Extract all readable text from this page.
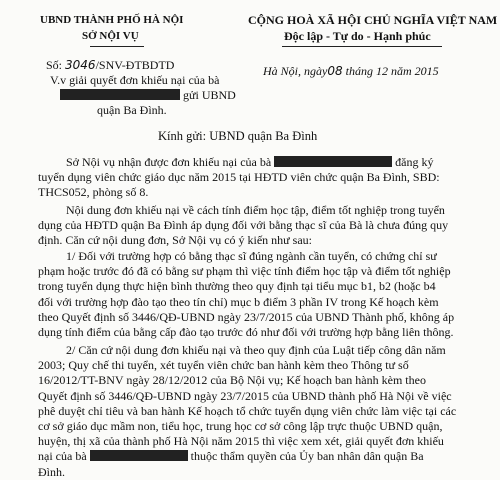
UBND THÀNH PHỐ HÀ NỘI
SỞ NỘI VỤ
CỘNG HOÀ XÃ HỘI CHỦ NGHĨA VIỆT NAM
Độc lập - Tự do - Hạnh phúc
Số: 3046/SNV-ĐTBDTD
V.v giải quyết đơn khiếu nại của bà
gửi UBND
quận Ba Đình.
Hà Nội, ngày08 tháng 12 năm 2015
Kính gửi: UBND quận Ba Đình
Sở Nội vụ nhận được đơn khiếu nại của bà	đăng ký
tuyển dụng viên chức giáo dục năm 2015 tại HĐTD viên chức quận Ba Đình, SBD:
THCS052, phòng số 8.
Nội dung đơn khiếu nại về cách tính điểm học tập, điểm tốt nghiệp trong tuyển
dụng của HĐTD quận Ba Đình áp dụng đối với bằng thạc sĩ của Bà là chưa đúng quy
định. Căn cứ nội dung đơn, Sở Nội vụ có ý kiến như sau:
1/ Đối với trường hợp có bằng thạc sĩ đúng ngành cần tuyển, có chứng chỉ sư
phạm hoặc trước đó đã có bằng sư phạm thì việc tính điểm học tập và điểm tốt nghiệp
trong tuyển dụng thực hiện bình thường theo quy định tại tiểu mục b1, b2 (hoặc b4
đối với trường hợp đào tạo theo tín chỉ) mục b điểm 3 phần IV trong Kế hoạch kèm
theo Quyết định số 3446/QĐ-UBND ngày 23/7/2015 của UBND Thành phố, không áp
dụng tính điểm của bằng cấp đào tạo trước đó như đối với trường hợp bằng liên thông.
2/ Căn cứ nội dung đơn khiếu nại và theo quy định của Luật tiếp công dân năm
2003; Quy chế thi tuyển, xét tuyển viên chức ban hành kèm theo Thông tư số
16/2012/TT-BNV ngày 28/12/2012 của Bộ Nội vụ; Kế hoạch ban hành kèm theo
Quyết định số 3446/QĐ-UBND ngày 23/7/2015 của UBND thành phố Hà Nội về việc
phê duyệt chỉ tiêu và ban hành Kế hoạch tổ chức tuyển dụng viên chức làm việc tại các
cơ sở giáo dục mầm non, tiểu học, trung học cơ sở công lập trực thuộc UBND quận,
huyện, thị xã của thành phố Hà Nội năm 2015 thì việc xem xét, giải quyết đơn khiếu
nại của bà	thuộc thẩm quyền của Ủy ban nhân dân quận Ba
Đình.
